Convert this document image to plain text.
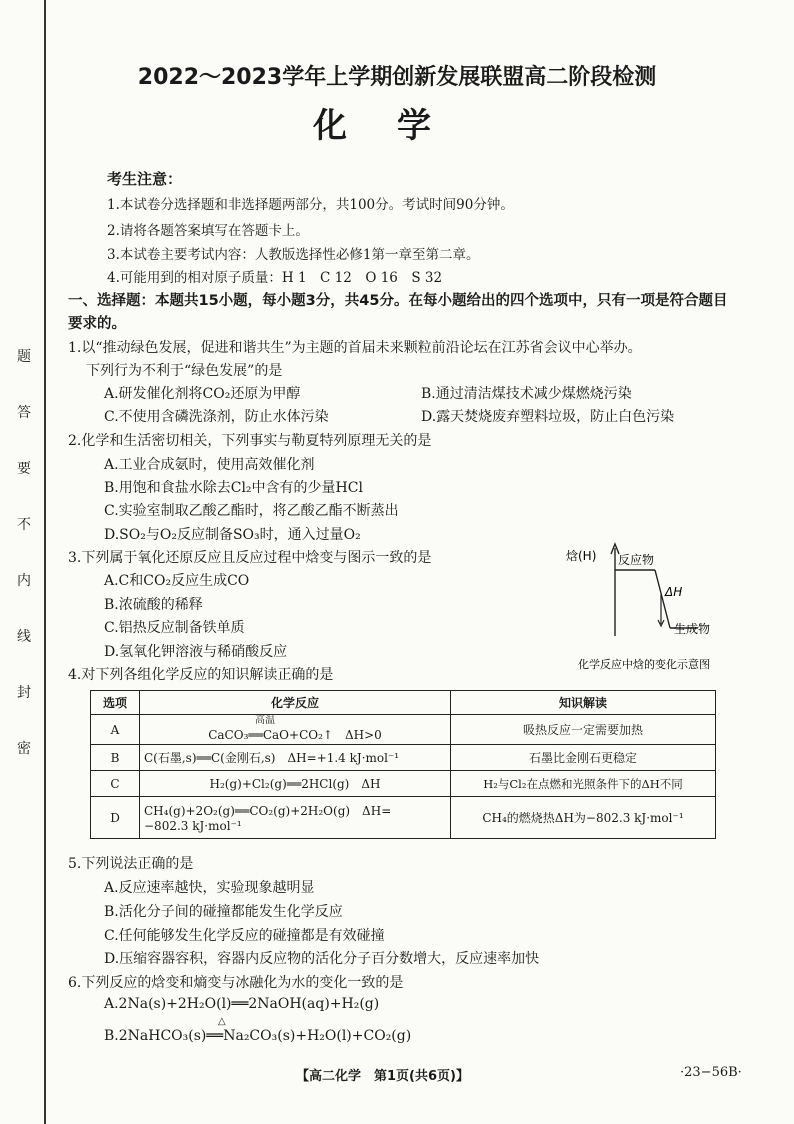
题
答
要
不
内
线
封
密
2022～2023学年上学期创新发展联盟高二阶段检测
化学
考生注意：
1.本试卷分选择题和非选择题两部分，共100分。考试时间90分钟。
2.请将各题答案填写在答题卡上。
3.本试卷主要考试内容：人教版选择性必修1第一章至第二章。
4.可能用到的相对原子质量：H 1　C 12　O 16　S 32
一、选择题：本题共15小题，每小题3分，共45分。在每小题给出的四个选项中，只有一项是符合题目要求的。
1.以“推动绿色发展，促进和谐共生”为主题的首届未来颗粒前沿论坛在江苏省会议中心举办。
下列行为不利于“绿色发展”的是
A.研发催化剂将CO₂还原为甲醇	B.通过清洁煤技术减少煤燃烧污染
C.不使用含磷洗涤剂，防止水体污染	D.露天焚烧废弃塑料垃圾，防止白色污染
2.化学和生活密切相关，下列事实与勒夏特列原理无关的是
A.工业合成氨时，使用高效催化剂
B.用饱和食盐水除去Cl₂中含有的少量HCl
C.实验室制取乙酸乙酯时，将乙酸乙酯不断蒸出
D.SO₂与O₂反应制备SO₃时，通入过量O₂
3.下列属于氧化还原反应且反应过程中焓变与图示一致的是
A.C和CO₂反应生成CO
B.浓硫酸的稀释
C.铝热反应制备铁单质
D.氢氧化钾溶液与稀硝酸反应
焓(H) 反应物
ΔH
生成物
化学反应中焓的变化示意图
4.对下列各组化学反应的知识解读正确的是
选项	化学反应	知识解读
A	高温
CaCO₃══CaO+CO₂↑　ΔH>0	吸热反应一定需要加热
B	C(石墨,s)══C(金刚石,s)　ΔH=+1.4 kJ·mol⁻¹	石墨比金刚石更稳定
C	H₂(g)+Cl₂(g)══2HCl(g)　ΔH	H₂与Cl₂在点燃和光照条件下的ΔH不同
D	CH₄(g)+2O₂(g)══CO₂(g)+2H₂O(g)　ΔH=
−802.3 kJ·mol⁻¹	CH₄的燃烧热ΔH为−802.3 kJ·mol⁻¹
5.下列说法正确的是
A.反应速率越快，实验现象越明显
B.活化分子间的碰撞都能发生化学反应
C.任何能够发生化学反应的碰撞都是有效碰撞
D.压缩容器容积，容器内反应物的活化分子百分数增大，反应速率加快
6.下列反应的焓变和熵变与冰融化为水的变化一致的是
A.2Na(s)+2H₂O(l)══2NaOH(aq)+H₂(g)
△
B.2NaHCO₃(s)══Na₂CO₃(s)+H₂O(l)+CO₂(g)
【高二化学　第1页(共6页)】	·23−56B·
